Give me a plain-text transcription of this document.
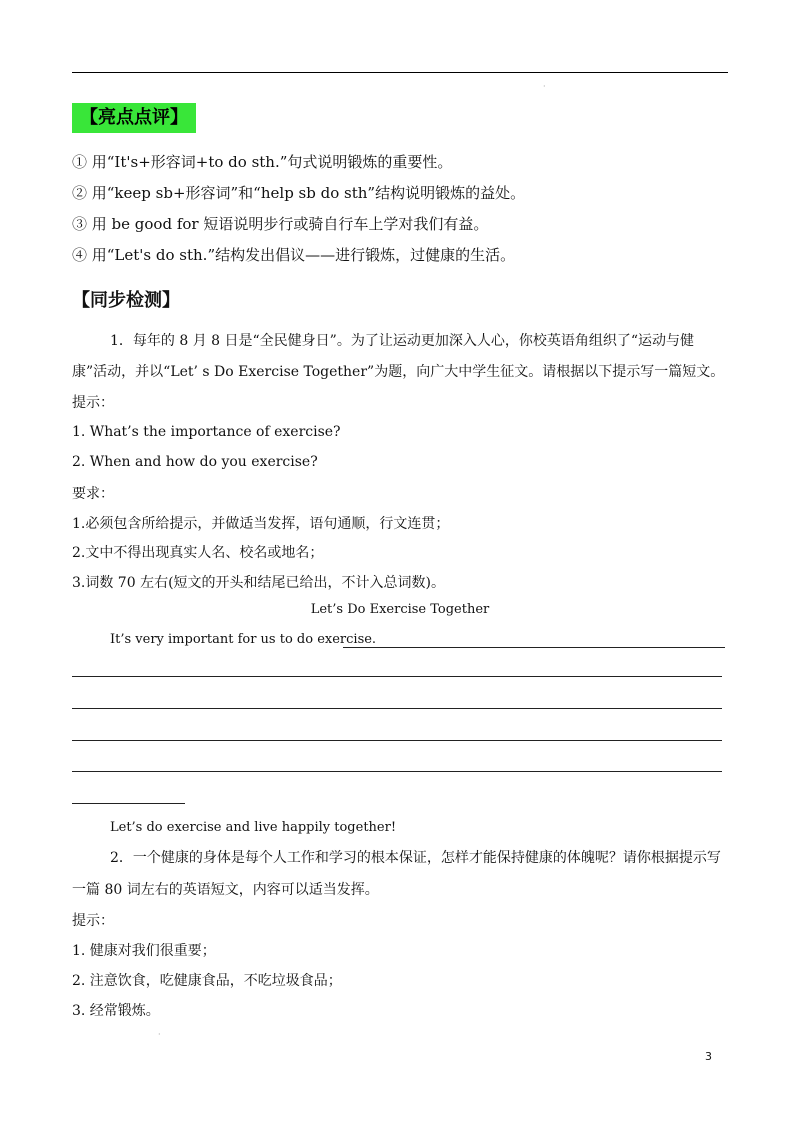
·
【亮点点评】
① 用“It's+形容词+to do sth.”句式说明锻炼的重要性。
② 用“keep sb+形容词”和“help sb do sth”结构说明锻炼的益处。
③ 用 be good for 短语说明步行或骑自行车上学对我们有益。
④ 用“Let's do sth.”结构发出倡议——进行锻炼，过健康的生活。
【同步检测】
1．每年的 8 月 8 日是“全民健身日”。为了让运动更加深入人心，你校英语角组织了“运动与健
康”活动，并以“Let’ s Do Exercise Together”为题，向广大中学生征文。请根据以下提示写一篇短文。
提示：
1. What’s the importance of exercise?
2. When and how do you exercise?
要求：
1.必须包含所给提示，并做适当发挥，语句通顺，行文连贯；
2.文中不得出现真实人名、校名或地名；
3.词数 70 左右(短文的开头和结尾已给出，不计入总词数)。
Let’s Do Exercise Together
It’s very important for us to do exercise.
Let’s do exercise and live happily together!
2．一个健康的身体是每个人工作和学习的根本保证，怎样才能保持健康的体魄呢？请你根据提示写
一篇 80 词左右的英语短文，内容可以适当发挥。
提示：
1. 健康对我们很重要；
2. 注意饮食，吃健康食品，不吃垃圾食品；
3. 经常锻炼。
·
3
